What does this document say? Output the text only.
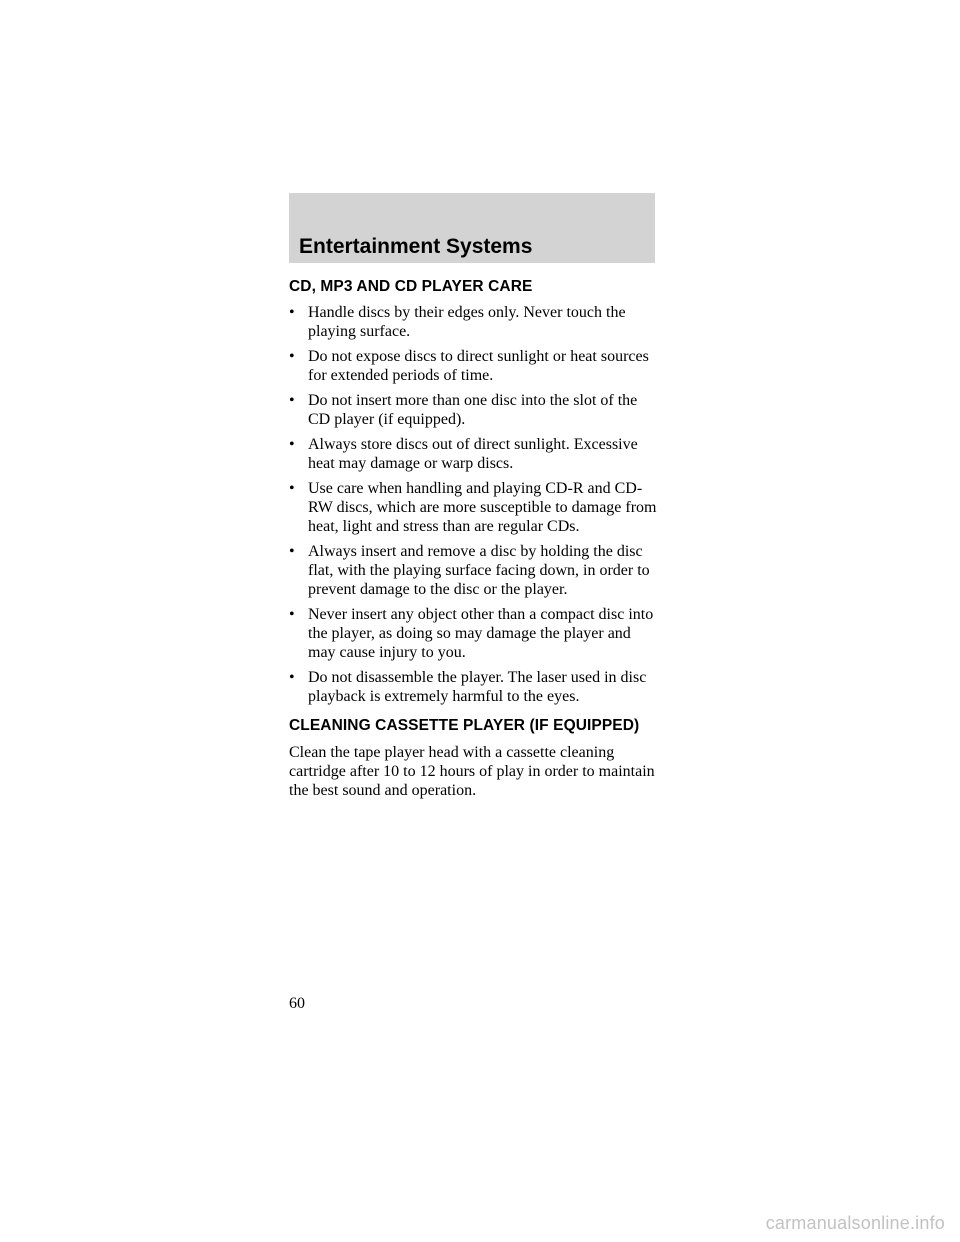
Entertainment Systems
CD, MP3 AND CD PLAYER CARE
• Handle discs by their edges only. Never touch the playing surface.
• Do not expose discs to direct sunlight or heat sources for extended periods of time.
• Do not insert more than one disc into the slot of the CD player (if equipped).
• Always store discs out of direct sunlight. Excessive heat may damage or warp discs.
• Use care when handling and playing CD-R and CD-RW discs, which are more susceptible to damage from heat, light and stress than are regular CDs.
• Always insert and remove a disc by holding the disc flat, with the playing surface facing down, in order to prevent damage to the disc or the player.
• Never insert any object other than a compact disc into the player, as doing so may damage the player and may cause injury to you.
• Do not disassemble the player. The laser used in disc playback is extremely harmful to the eyes.
CLEANING CASSETTE PLAYER (IF EQUIPPED)

Clean the tape player head with a cassette cleaning cartridge after 10 to 12 hours of play in order to maintain the best sound and operation.

60

carmanualsonline.info
